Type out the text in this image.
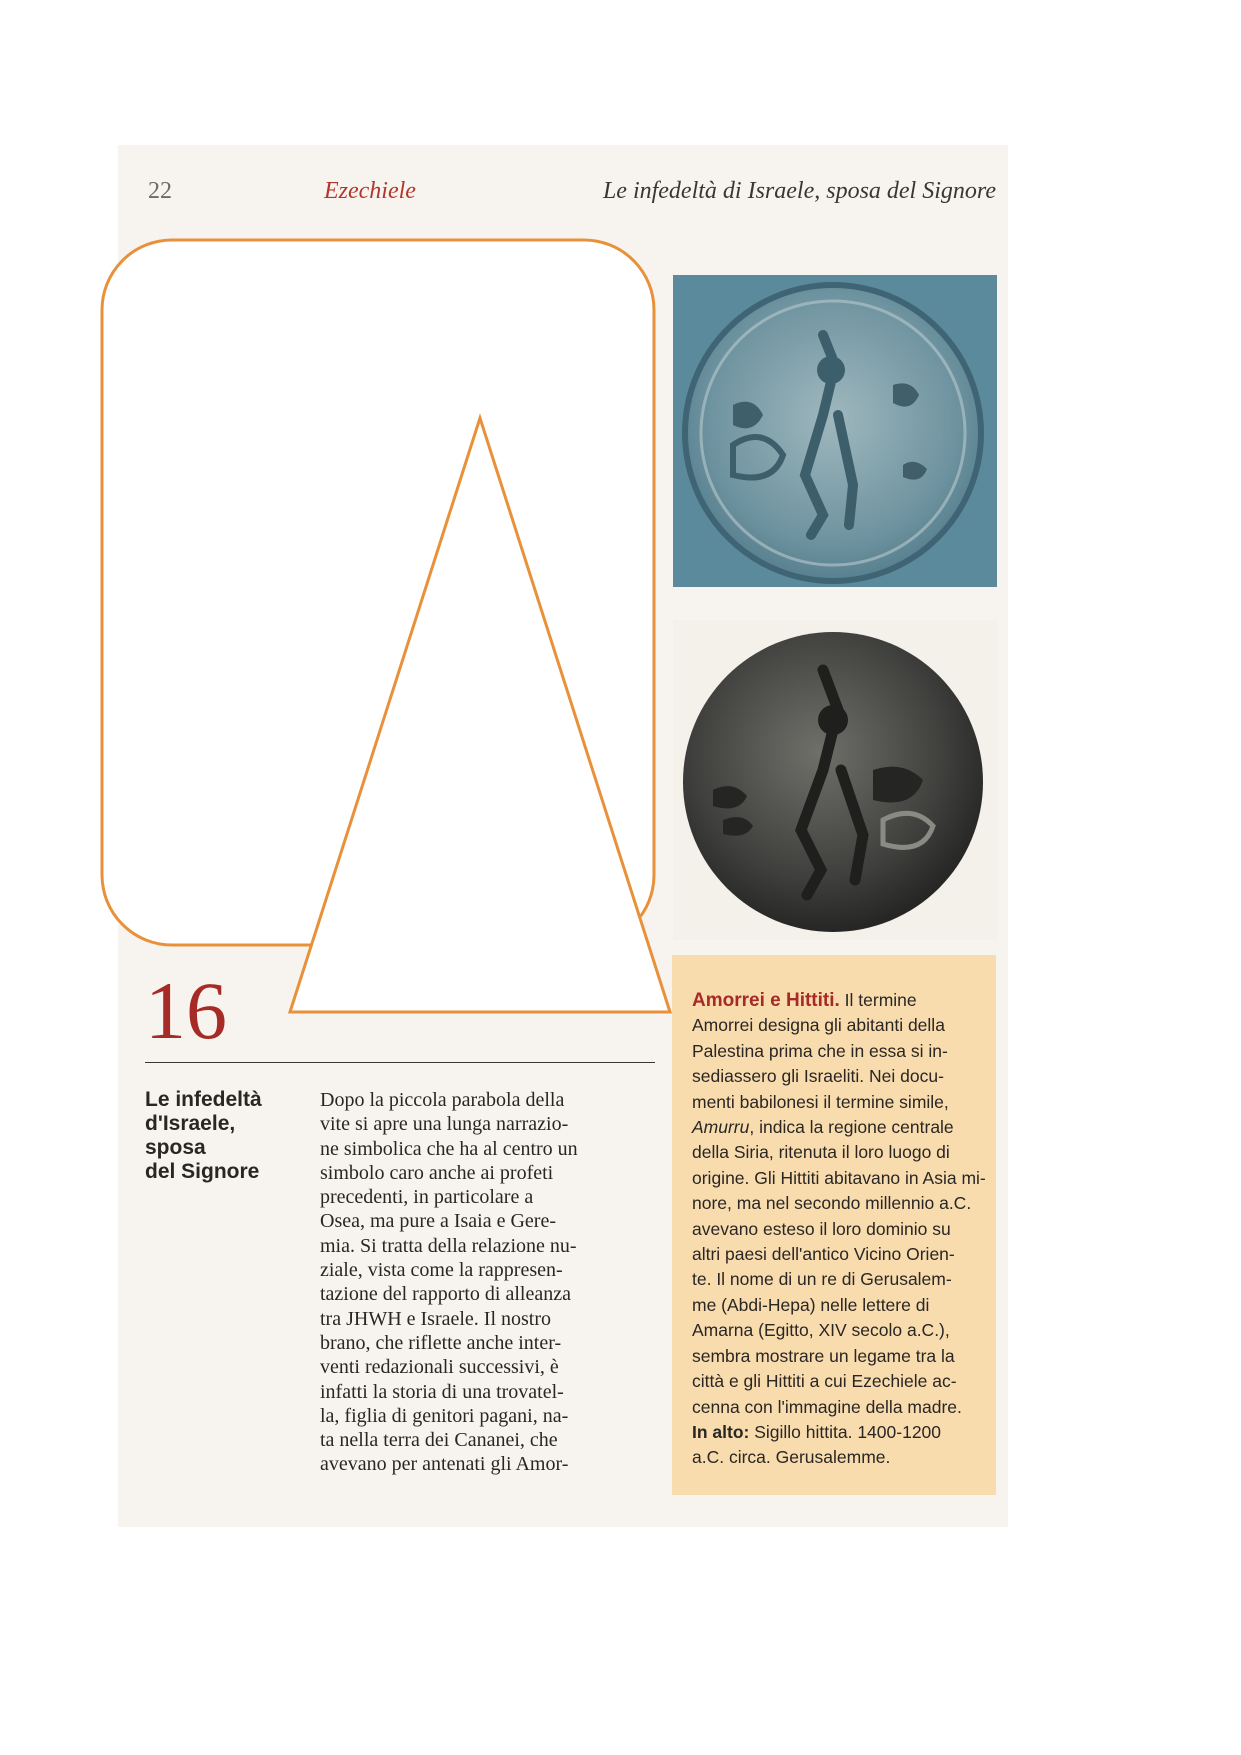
22	Ezechiele	Le infedeltà di Israele, sposa del Signore
16
Le infedeltà
d'Israele,
sposa
del Signore
Dopo la piccola parabola della
vite si apre una lunga narrazio-
ne simbolica che ha al centro un
simbolo caro anche ai profeti
precedenti, in particolare a
Osea, ma pure a Isaia e Gere-
mia. Si tratta della relazione nu-
ziale, vista come la rappresen-
tazione del rapporto di alleanza
tra JHWH e Israele. Il nostro
brano, che riflette anche inter-
venti redazionali successivi, è
infatti la storia di una trovatel-
la, figlia di genitori pagani, na-
ta nella terra dei Cananei, che
avevano per antenati gli Amor-
Amorrei e Hittiti. Il termine
Amorrei designa gli abitanti della
Palestina prima che in essa si in-
sediassero gli Israeliti. Nei docu-
menti babilonesi il termine simile,
Amurru, indica la regione centrale
della Siria, ritenuta il loro luogo di
origine. Gli Hittiti abitavano in Asia mi-
nore, ma nel secondo millennio a.C.
avevano esteso il loro dominio su
altri paesi dell'antico Vicino Orien-
te. Il nome di un re di Gerusalem-
me (Abdi-Hepa) nelle lettere di
Amarna (Egitto, XIV secolo a.C.),
sembra mostrare un legame tra la
città e gli Hittiti a cui Ezechiele ac-
cenna con l'immagine della madre.
In alto: Sigillo hittita. 1400-1200
a.C. circa. Gerusalemme.
